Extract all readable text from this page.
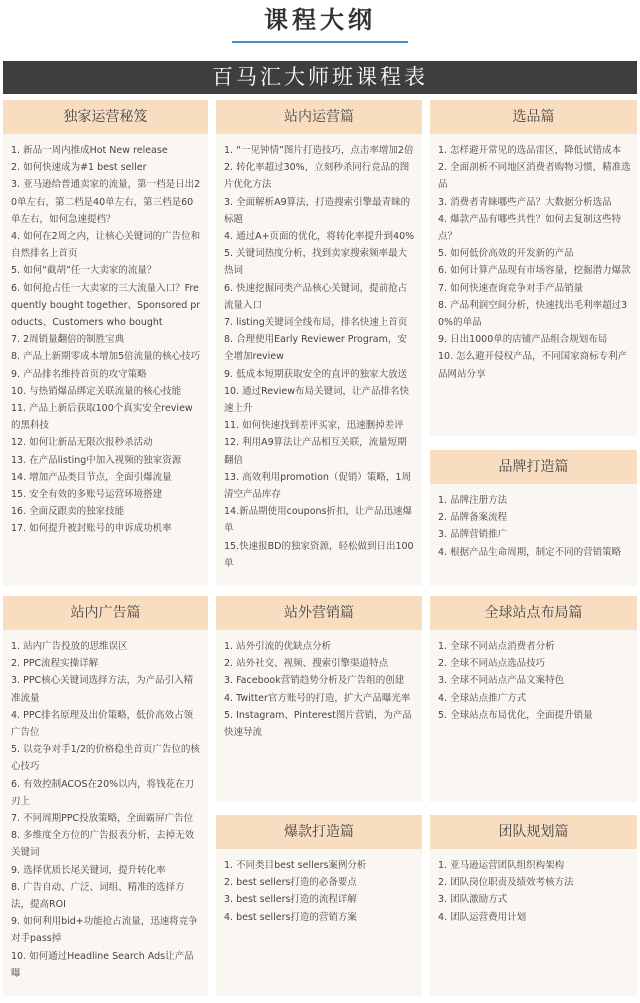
课程大纲
百马汇大师班课程表
独家运营秘笈
1. 新品一周内推成Hot New release
2. 如何快速成为#1 best seller
3. 亚马逊给普通卖家的流量，第一档是日出20单左右，第二档是40单左右，第三档是60单左右，如何急速提档？
4. 如何在2周之内，让核心关键词的广告位和自然排名上首页
5. 如何“截胡”任一大卖家的流量？
6. 如何抢占任一大卖家的三大流量入口？Frequently bought together、Sponsored products、Customers who bought
7. 2周销量翻倍的制胜宝典
8. 产品上新期零成本增加5倍流量的核心技巧
9. 产品排名维持首页的攻守策略
10. 与热销爆品绑定关联流量的核心技能
11. 产品上新后获取100个真实安全review的黑科技
12. 如何让新品无限次报秒杀活动
13. 在产品listing中加入视频的独家资源
14. 增加产品类目节点，全面引爆流量
15. 安全有效的多账号运营环境搭建
16. 全面反跟卖的独家技能
17. 如何提升被封账号的申诉成功机率
站内运营篇
1. “一见钟情”图片打造技巧，点击率增加2倍
2. 转化率超过30%，立刻秒杀同行竞品的图片优化方法
3. 全面解析A9算法，打造搜索引擎最青睐的标题
4. 通过A+页面的优化，将转化率提升到40%
5. 关键词热度分析，找到卖家搜索频率最大热词
6. 快速挖掘同类产品核心关键词，提前抢占流量入口
7. listing关键词全线布局，排名快速上首页
8. 合理使用Early Reviewer Program，安全增加review
9. 低成本短期获取安全的直评的独家大放送
10. 通过Review布局关键词，让产品排名快速上升
11. 如何快速找到差评买家，迅速删掉差评
12. 利用A9算法让产品相互关联，流量短期翻倍
13. 高效利用promotion（促销）策略，1周清空产品库存
14.新品期使用coupons折扣，让产品迅速爆单
15.快速报BD的独家资源，轻松做到日出100单
选品篇
1. 怎样避开常见的选品雷区，降低试错成本
2. 全面剖析不同地区消费者购物习惯，精准选品
3. 消费者青睐哪些产品？大数据分析选品
4. 爆款产品有哪些共性？如何去复制这些特点？
5. 如何低价高效的开发新的产品
6. 如何计算产品现有市场容量，挖掘潜力爆款
7. 如何快速查询竞争对手产品销量
8. 产品利润空间分析，快速找出毛利率超过30%的单品
9. 日出1000单的店铺产品组合规划布局
10. 怎么避开侵权产品，不同国家商标专利产品网站分享
品牌打造篇
1. 品牌注册方法
2. 品牌备案流程
3. 品牌营销推广
4. 根据产品生命周期，制定不同的营销策略
站内广告篇
1. 站内广告投放的思维误区
2. PPC流程实操详解
3. PPC核心关键词选择方法，为产品引入精准流量
4. PPC排名原理及出价策略，低价高效占领广告位
5. 以竞争对手1/2的价格稳坐首页广告位的核心技巧
6. 有效控制ACOS在20%以内，将钱花在刀刃上
7. 不同周期PPC投放策略，全面霸屏广告位
8. 多维度全方位的广告报表分析，去掉无效关键词
9. 选择优质长尾关键词，提升转化率
8. 广告自动、广泛、词组、精准的选择方法，提高ROI
9. 如何利用bid+功能抢占流量，迅速将竞争对手pass掉
10. 如何通过Headline Search Ads让产品曝
站外营销篇
1. 站外引流的优缺点分析
2. 站外社交、视频、搜索引擎渠道特点
3. Facebook营销趋势分析及广告组的创建
4. Twitter官方账号的打造，扩大产品曝光率
5. Instagram、Pinterest图片营销，为产品快速导流
全球站点布局篇
1. 全球不同站点消费者分析
2. 全球不同站点选品技巧
3. 全球不同站点产品文案特色
4. 全球站点推广方式
5. 全球站点布局优化，全面提升销量
爆款打造篇
1. 不同类目best sellers案例分析
2. best sellers打造的必备要点
3. best sellers打造的流程详解
4. best sellers打造的营销方案
团队规划篇
1. 亚马逊运营团队组织构架构
2. 团队岗位职责及绩效考核方法
3. 团队激励方式
4. 团队运营费用计划
